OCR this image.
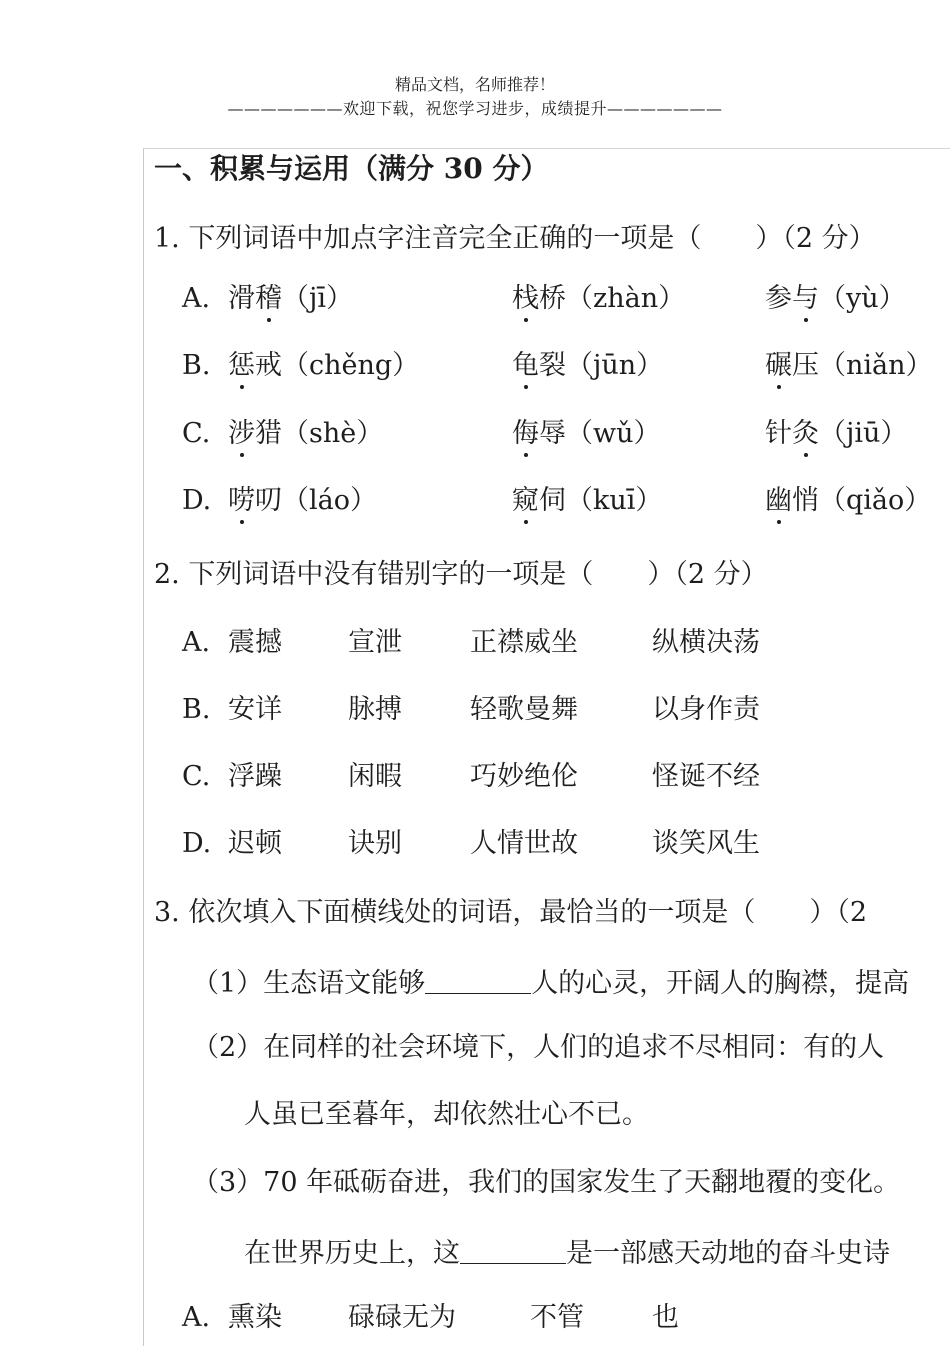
精品文档，名师推荐！
———————欢迎下载，祝您学习进步，成绩提升———————
一、积累与运用（满分 30 分）
1. 下列词语中加点字注音完全正确的一项是（　　）（2 分）
A. 滑稽（jī）	栈桥（zhàn）	参与（yù）
B. 惩戒（chěng）	龟裂（jūn）	碾压（niǎn）
C. 涉猎（shè）	侮辱（wǔ）	针灸（jiū）
D. 唠叨（láo）	窥伺（kuī）	幽悄（qiǎo）
2. 下列词语中没有错别字的一项是（　　）（2 分）
A. 震撼 宣泄	正襟威坐	纵横决荡
B. 安详 脉搏	轻歌曼舞	以身作责
C. 浮躁 闲暇	巧妙绝伦	怪诞不经
D. 迟顿 诀别	人情世故	谈笑风生
3. 依次填入下面横线处的词语，最恰当的一项是（　　）（2
（1）生态语文能够	人的心灵，开阔人的胸襟，提高
（2）在同样的社会环境下，人们的追求不尽相同：有的人
人虽已至暮年，却依然壮心不已。
（3）70 年砥砺奋进，我们的国家发生了天翻地覆的变化。
在世界历史上，这	是一部感天动地的奋斗史诗
A. 熏染 碌碌无为	不管	也
